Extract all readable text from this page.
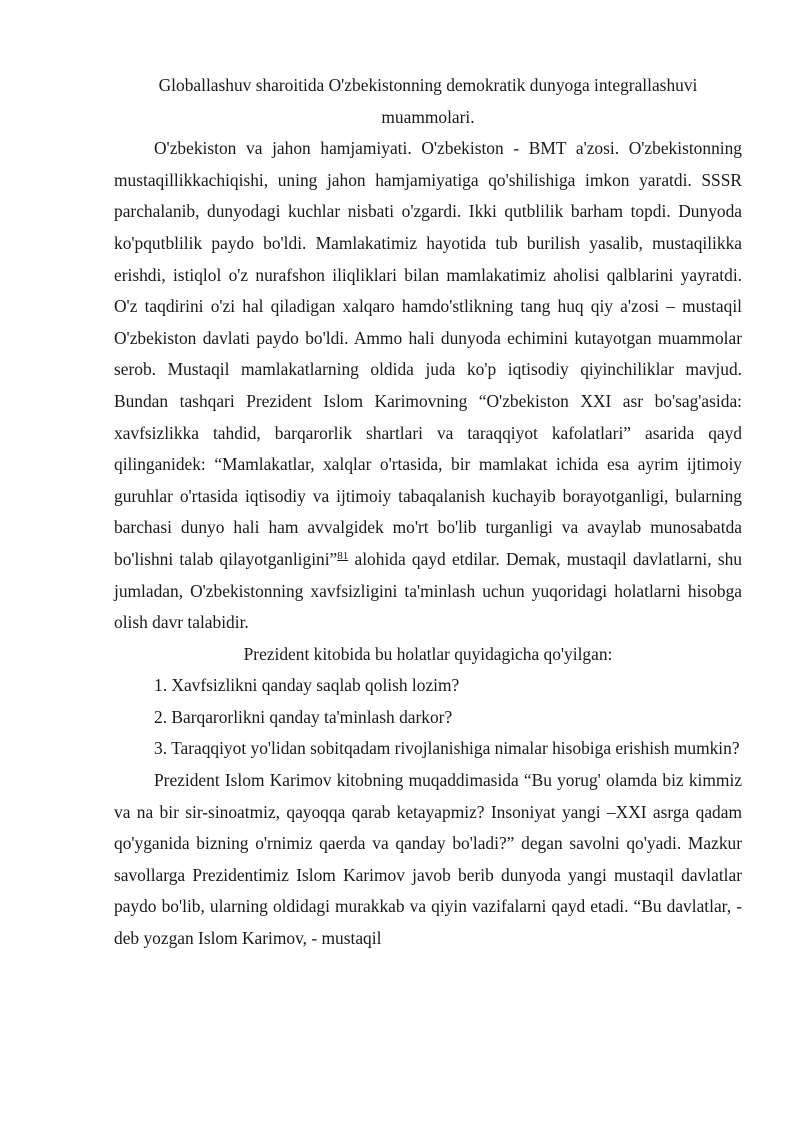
Globallashuv sharoitida O'zbekistonning demokratik dunyoga integrallashuvi muammolari.

O'zbekiston va jahon hamjamiyati. O'zbekiston - BMT a'zosi. O'zbekistonning mustaqillikkachiqishi, uning jahon hamjamiyatiga qo'shilishiga imkon yaratdi. SSSR parchalanib, dunyodagi kuchlar nisbati o'zgardi. Ikki qutblilik barham topdi. Dunyoda ko'pqutblilik paydo bo'ldi. Mamlakatimiz hayotida tub burilish yasalib, mustaqilikka erishdi, istiqlol o'z nurafshon iliqliklari bilan mamlakatimiz aholisi qalblarini yayratdi. O'z taqdirini o'zi hal qiladigan xalqaro hamdo'stlikning tang huq qiy a'zosi – mustaqil O'zbekiston davlati paydo bo'ldi. Ammo hali dunyoda echimini kutayotgan muammolar serob. Mustaqil mamlakatlarning oldida juda ko'p iqtisodiy qiyinchiliklar mavjud. Bundan tashqari Prezident Islom Karimovning “O'zbekiston XXI asr bo'sag'asida: xavfsizlikka tahdid, barqarorlik shartlari va taraqqiyot kafolatlari” asarida qayd qilinganidek: “Mamlakatlar, xalqlar o'rtasida, bir mamlakat ichida esa ayrim ijtimoiy guruhlar o'rtasida iqtisodiy va ijtimoiy tabaqalanish kuchayib borayotganligi, bularning barchasi dunyo hali ham avvalgidek mo'rt bo'lib turganligi va avaylab munosabatda bo'lishni talab qilayotganligini”$^{81}$ alohida qayd etdilar. Demak, mustaqil davlatlarni, shu jumladan, O'zbekistonning xavfsizligini ta'minlash uchun yuqoridagi holatlarni hisobga olish davr talabidir.

Prezident kitobida bu holatlar quyidagicha qo'yilgan:

1. Xavfsizlikni qanday saqlab qolish lozim?

2. Barqarorlikni qanday ta'minlash darkor?

3. Taraqqiyot yo'lidan sobitqadam rivojlanishiga nimalar hisobiga erishish mumkin?

Prezident Islom Karimov kitobning muqaddimasida “Bu yorug' olamda biz kimmiz va na bir sir-sinoatmiz, qayoqqa qarab ketayapmiz? Insoniyat yangi –XXI asrga qadam qo'yganida bizning o'rnimiz qaerda va qanday bo'ladi?” degan savolni qo'yadi. Mazkur savollarga Prezidentimiz Islom Karimov javob berib dunyoda yangi mustaqil davlatlar paydo bo'lib, ularning oldidagi murakkab va qiyin vazifalarni qayd etadi. “Bu davlatlar, - deb yozgan Islom Karimov, - mustaqil
